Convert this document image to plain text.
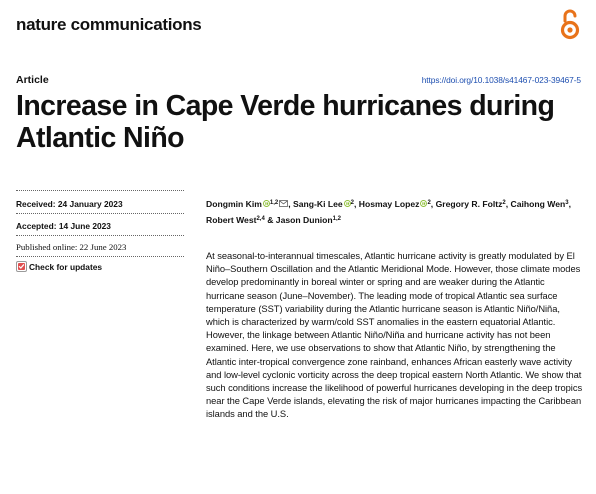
nature communications
Article	https://doi.org/10.1038/s41467-023-39467-5
Increase in Cape Verde hurricanes during Atlantic Niño
Received: 24 January 2023
Accepted: 14 June 2023
Published online: 22 June 2023
Check for updates
Dongmin Kim $^{1,2}$ , Sang-Ki Lee $^2$, Hosmay Lopez $^2$, Gregory R. Foltz$^2$, Caihong Wen$^3$, Robert West$^{2,4}$ & Jason Dunion$^{1,2}$

At seasonal-to-interannual timescales, Atlantic hurricane activity is greatly modulated by El Niño–Southern Oscillation and the Atlantic Meridional Mode. However, those climate modes develop predominantly in boreal winter or spring and are weaker during the Atlantic hurricane season (June–November). The leading mode of tropical Atlantic sea surface temperature (SST) variability during the Atlantic hurricane season is Atlantic Niño/Niña, which is characterized by warm/cold SST anomalies in the eastern equatorial Atlantic. However, the linkage between Atlantic Niño/Niña and hurricane activity has not been examined. Here, we use observations to show that Atlantic Niño, by strengthening the Atlantic inter-tropical convergence zone rainband, enhances African easterly wave activity and low-level cyclonic vorticity across the deep tropical eastern North Atlantic. We show that such conditions increase the likelihood of powerful hurricanes developing in the deep tropics near the Cape Verde islands, elevating the risk of major hurricanes impacting the Caribbean islands and the U.S.
